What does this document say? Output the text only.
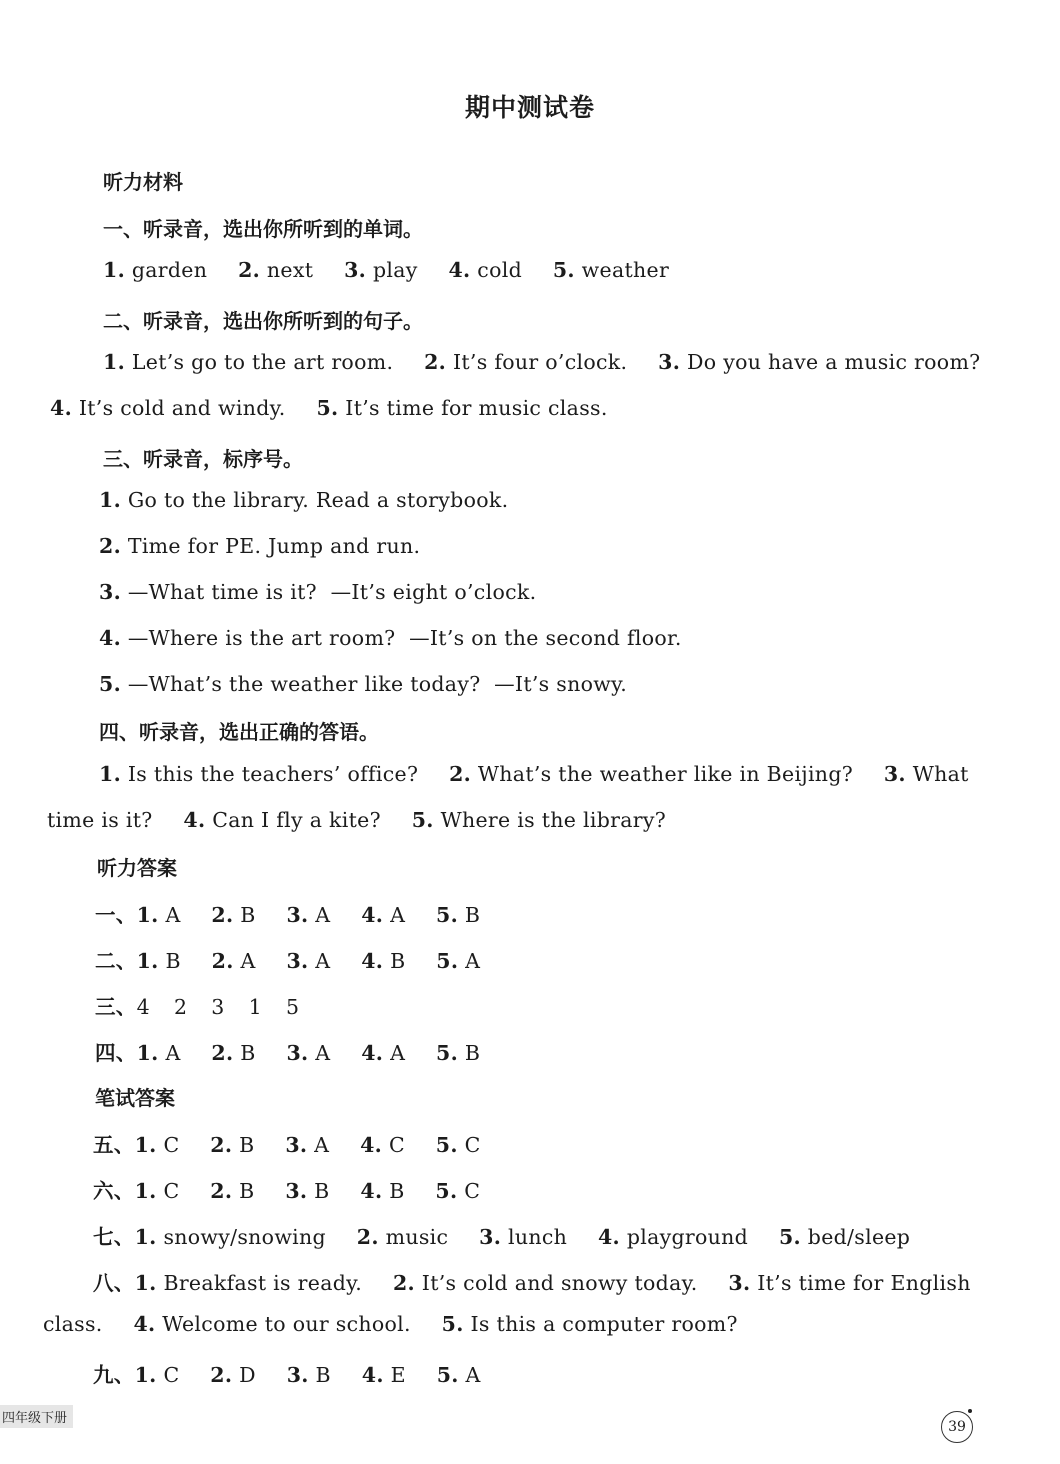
期中测试卷
听力材料
一、听录音，选出你所听到的单词。
1. garden 2. next 3. play 4. cold 5. weather
二、听录音，选出你所听到的句子。
1. Let’s go to the art room. 2. It’s four o’clock. 3. Do you have a music room?
4. It’s cold and windy. 5. It’s time for music class.
三、听录音，标序号。
1. Go to the library. Read a storybook.
2. Time for PE. Jump and run.
3. —What time is it?  —It’s eight o’clock.
4. —Where is the art room?  —It’s on the second floor.
5. —What’s the weather like today?  —It’s snowy.
四、听录音，选出正确的答语。
1. Is this the teachers’ office? 2. What’s the weather like in Beijing? 3. What
time is it? 4. Can I fly a kite? 5. Where is the library?
听力答案
一、1. A 2. B 3. A 4. A 5. B
二、1. B 2. A 3. A 4. B 5. A
三、4 2 3 1 5
四、1. A 2. B 3. A 4. A 5. B
笔试答案
五、1. C 2. B 3. A 4. C 5. C
六、1. C 2. B 3. B 4. B 5. C
七、1. snowy/snowing 2. music 3. lunch 4. playground 5. bed/sleep
八、1. Breakfast is ready. 2. It’s cold and snowy today. 3. It’s time for English
class. 4. Welcome to our school. 5. Is this a computer room?
九、1. C 2. D 3. B 4. E 5. A
四年级下册
39
